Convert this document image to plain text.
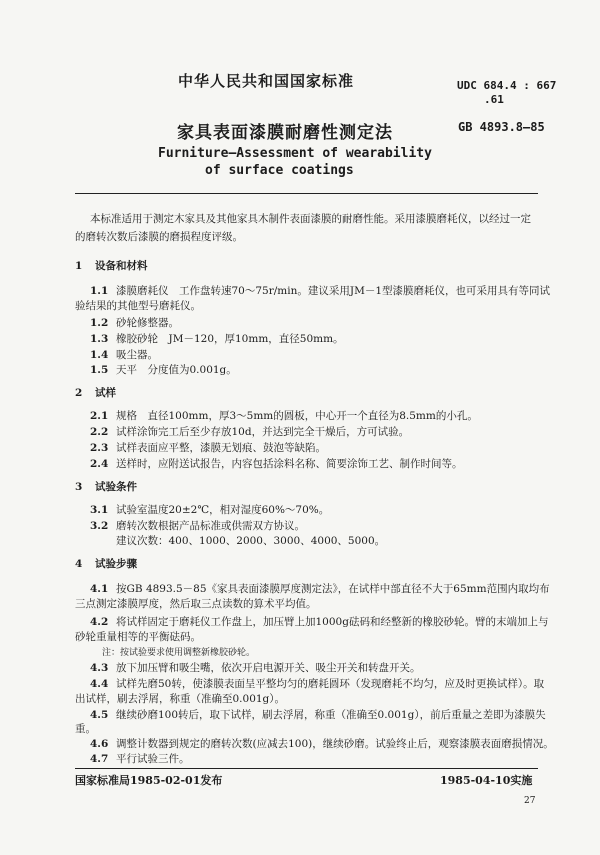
中华人民共和国国家标准	UDC 684.4 : 667
.61
家具表面漆膜耐磨性测定法	GB 4893.8—85
Furniture—Assessment of wearability
of surface coatings
本标准适用于测定木家具及其他家具木制件表面漆膜的耐磨性能。采用漆膜磨耗仪，以经过一定
的磨转次数后漆膜的磨损程度评级。
1 设备和材料
1.1 漆膜磨耗仪　工作盘转速70～75r/min。建议采用JM－1型漆膜磨耗仪，也可采用具有等同试
验结果的其他型号磨耗仪。
1.2 砂轮修整器。
1.3 橡胶砂轮　JM－120，厚10mm，直径50mm。
1.4 吸尘器。
1.5 天平　分度值为0.001g。
2 试样
2.1 规格　直径100mm，厚3～5mm的圆板，中心开一个直径为8.5mm的小孔。
2.2 试样涂饰完工后至少存放10d，并达到完全干燥后，方可试验。
2.3 试样表面应平整，漆膜无划痕、鼓泡等缺陷。
2.4 送样时，应附送试报告，内容包括涂料名称、简要涂饰工艺、制作时间等。
3 试验条件
3.1 试验室温度20±2℃，相对湿度60%～70%。
3.2 磨转次数根据产品标准或供需双方协议。
建议次数：400、1000、2000、3000、4000、5000。
4 试验步骤
4.1 按GB 4893.5－85《家具表面漆膜厚度测定法》，在试样中部直径不大于65mm范围内取均布
三点测定漆膜厚度，然后取三点读数的算术平均值。
4.2 将试样固定于磨耗仪工作盘上，加压臂上加1000g砝码和经整新的橡胶砂轮。臂的末端加上与
砂轮重量相等的平衡砝码。
注：按试验要求使用调整新橡胶砂轮。
4.3 放下加压臂和吸尘嘴，依次开启电源开关、吸尘开关和转盘开关。
4.4 试样先磨50转，使漆膜表面呈平整均匀的磨耗圆环（发现磨耗不均匀，应及时更换试样）。取
出试样，刷去浮屑，称重（准确至0.001g）。
4.5 继续砂磨100转后，取下试样，刷去浮屑，称重（准确至0.001g），前后重量之差即为漆膜失
重。
国家标准局1985-02-01发布	1985-04-10实施
27
4.6 调整计数器到规定的磨转次数(应减去100)，继续砂磨。试验终止后，观察漆膜表面磨损情况。
4.7 平行试验三件。
